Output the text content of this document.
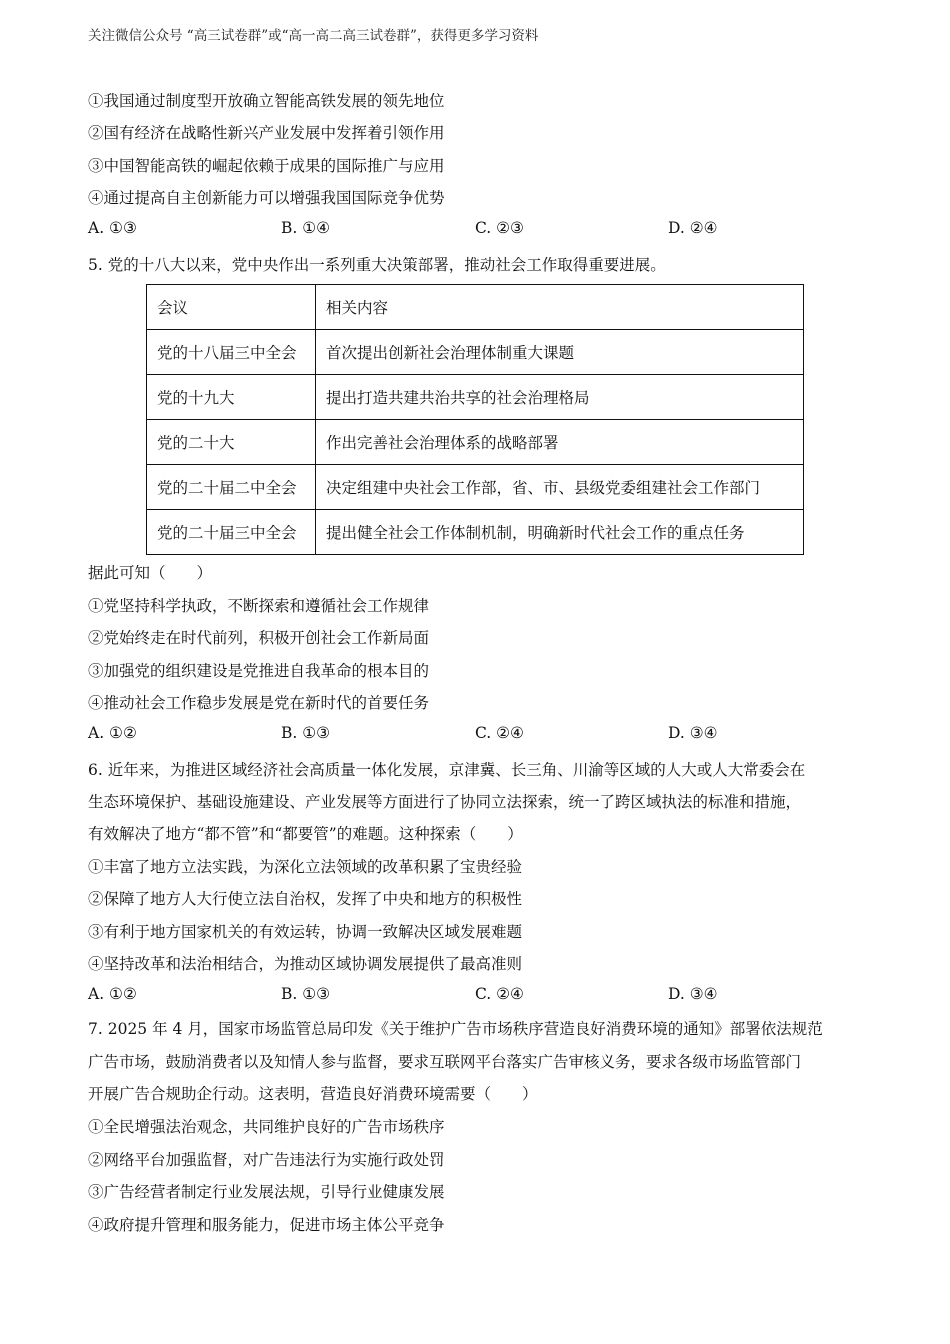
关注微信公众号 “高三试卷群”或“高一高二高三试卷群”，获得更多学习资料
①我国通过制度型开放确立智能高铁发展的领先地位
②国有经济在战略性新兴产业发展中发挥着引领作用
③中国智能高铁的崛起依赖于成果的国际推广与应用
④通过提高自主创新能力可以增强我国国际竞争优势
A. ①③	B. ①④	C. ②③	D. ②④
5. 党的十八大以来，党中央作出一系列重大决策部署，推动社会工作取得重要进展。
会议	相关内容
党的十八届三中全会	首次提出创新社会治理体制重大课题
党的十九大	提出打造共建共治共享的社会治理格局
党的二十大	作出完善社会治理体系的战略部署
党的二十届二中全会	决定组建中央社会工作部，省、市、县级党委组建社会工作部门
党的二十届三中全会	提出健全社会工作体制机制，明确新时代社会工作的重点任务
据此可知（　　）
①党坚持科学执政，不断探索和遵循社会工作规律
②党始终走在时代前列，积极开创社会工作新局面
③加强党的组织建设是党推进自我革命的根本目的
④推动社会工作稳步发展是党在新时代的首要任务
A. ①②	B. ①③	C. ②④	D. ③④
6. 近年来，为推进区域经济社会高质量一体化发展，京津冀、长三角、川渝等区域的人大或人大常委会在
生态环境保护、基础设施建设、产业发展等方面进行了协同立法探索，统一了跨区域执法的标准和措施，
有效解决了地方“都不管”和“都要管”的难题。这种探索（　　）
①丰富了地方立法实践，为深化立法领域的改革积累了宝贵经验
②保障了地方人大行使立法自治权，发挥了中央和地方的积极性
③有利于地方国家机关的有效运转，协调一致解决区域发展难题
④坚持改革和法治相结合，为推动区域协调发展提供了最高准则
A. ①②	B. ①③	C. ②④	D. ③④
7. 2025 年 4 月，国家市场监管总局印发《关于维护广告市场秩序营造良好消费环境的通知》部署依法规范
广告市场，鼓励消费者以及知情人参与监督，要求互联网平台落实广告审核义务，要求各级市场监管部门
开展广告合规助企行动。这表明，营造良好消费环境需要（　　）
①全民增强法治观念，共同维护良好的广告市场秩序
②网络平台加强监督，对广告违法行为实施行政处罚
③广告经营者制定行业发展法规，引导行业健康发展
④政府提升管理和服务能力，促进市场主体公平竞争
